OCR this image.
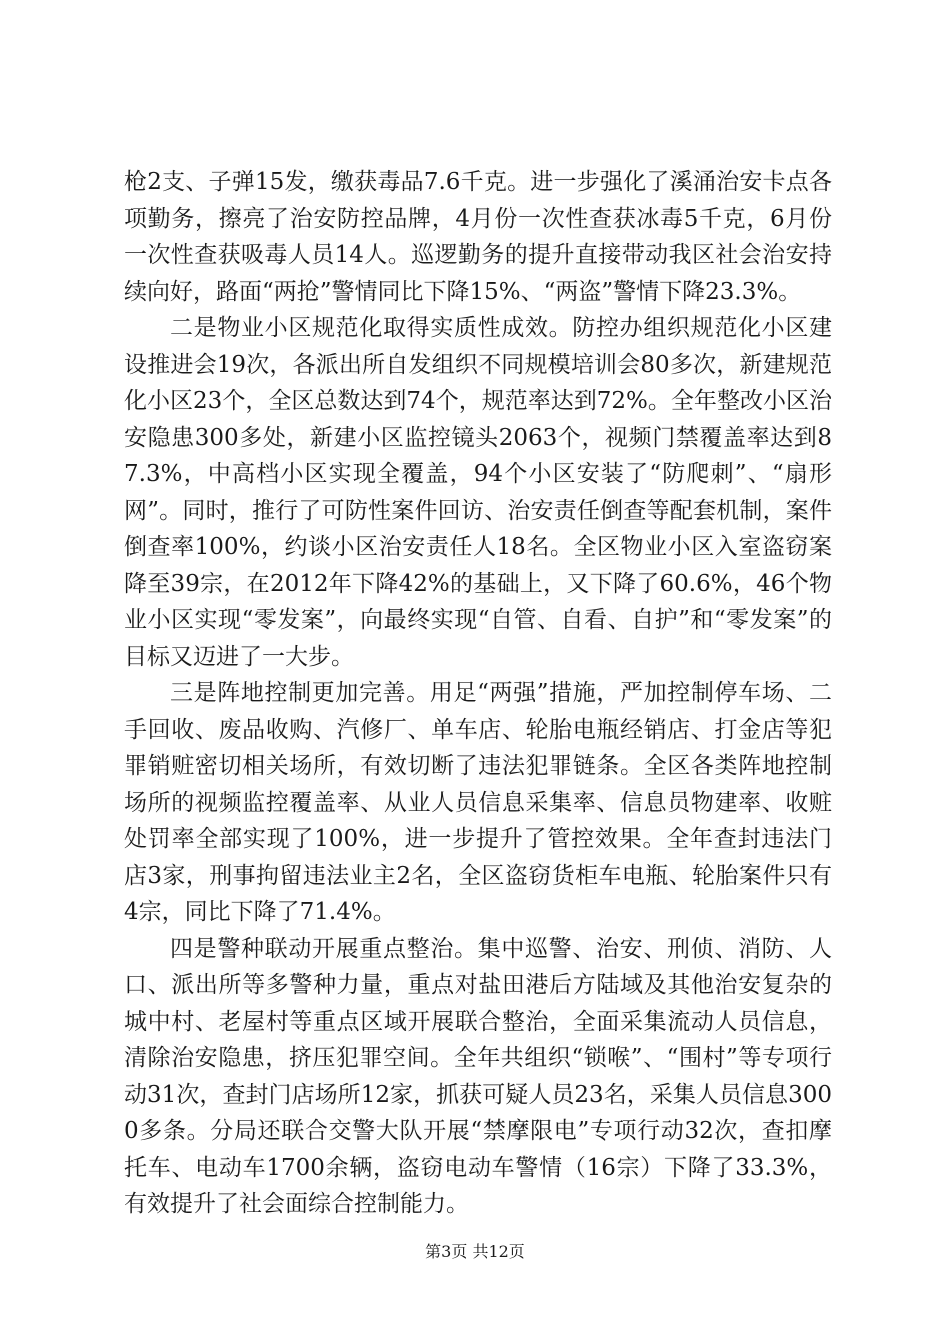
枪2支、子弹15发，缴获毒品7.6千克。进一步强化了溪涌治安卡点各项勤务，擦亮了治安防控品牌，4月份一次性查获冰毒5千克，6月份一次性查获吸毒人员14人。巡逻勤务的提升直接带动我区社会治安持续向好，路面“两抢”警情同比下降15%、“两盗”警情下降23.3%。

二是物业小区规范化取得实质性成效。防控办组织规范化小区建设推进会19次，各派出所自发组织不同规模培训会80多次，新建规范化小区23个，全区总数达到74个，规范率达到72%。全年整改小区治安隐患300多处，新建小区监控镜头2063个，视频门禁覆盖率达到87.3%，中高档小区实现全覆盖，94个小区安装了“防爬刺”、“扇形网”。同时，推行了可防性案件回访、治安责任倒查等配套机制，案件倒查率100%，约谈小区治安责任人18名。全区物业小区入室盗窃案降至39宗，在2012年下降42%的基础上，又下降了60.6%，46个物业小区实现“零发案”，向最终实现“自管、自看、自护”和“零发案”的目标又迈进了一大步。

三是阵地控制更加完善。用足“两强”措施，严加控制停车场、二手回收、废品收购、汽修厂、单车店、轮胎电瓶经销店、打金店等犯罪销赃密切相关场所，有效切断了违法犯罪链条。全区各类阵地控制场所的视频监控覆盖率、从业人员信息采集率、信息员物建率、收赃处罚率全部实现了100%，进一步提升了管控效果。全年查封违法门店3家，刑事拘留违法业主2名，全区盗窃货柜车电瓶、轮胎案件只有4宗，同比下降了71.4%。

四是警种联动开展重点整治。集中巡警、治安、刑侦、消防、人口、派出所等多警种力量，重点对盐田港后方陆域及其他治安复杂的城中村、老屋村等重点区域开展联合整治，全面采集流动人员信息，清除治安隐患，挤压犯罪空间。全年共组织“锁喉”、“围村”等专项行动31次，查封门店场所12家，抓获可疑人员23名，采集人员信息3000多条。分局还联合交警大队开展“禁摩限电”专项行动32次，查扣摩托车、电动车1700余辆，盗窃电动车警情（16宗）下降了33.3%，有效提升了社会面综合控制能力。

第3页 共12页
